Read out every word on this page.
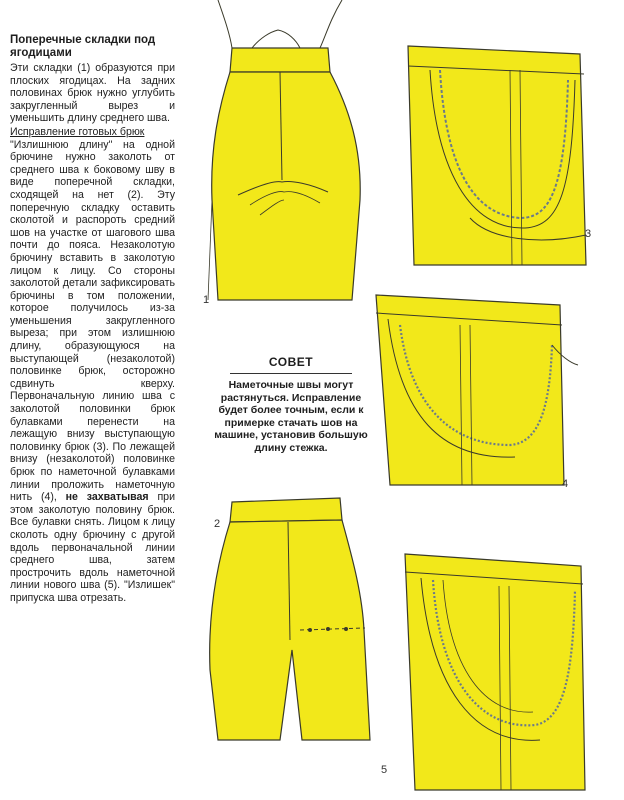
Поперечные складки под ягодицами

Эти складки (1) образуются при плоских ягодицах. На задних половинах брюк нужно углубить закругленный вырез и уменьшить длину среднего шва.

Исправление готовых брюк

"Излишнюю длину" на одной брючине нужно заколоть от среднего шва к боковому шву в виде поперечной складки, сходящей на нет (2). Эту поперечную складку оставить сколотой и распороть средний шов на участке от шагового шва почти до пояса. Незаколотую брючину вставить в заколотую лицом к лицу. Со стороны заколотой детали зафиксировать брючины в том положении, которое получилось из-за уменьшения закругленного выреза; при этом излишнюю длину, образующуюся на выступающей (незаколотой) половинке брюк, осторожно сдвинуть кверху. Первоначальную линию шва с заколотой половинки брюк булавками перенести на лежащую внизу выступающую половинку брюк (3). По лежащей внизу (незаколотой) половинке брюк по наметочной булавками линии проложить наметочную нить (4), не захватывая при этом заколотую половину брюк. Все булавки снять. Лицом к лицу сколоть одну брючину с другой вдоль первоначальной линии среднего шва, затем прострочить вдоль наметочной линии нового шва (5). "Излишек" припуска шва отрезать.

СОВЕТ
Наметочные швы могут растянуться. Исправление будет более точным, если к примерке стачать шов на машине, установив большую длину стежка.
1
3
4
2
5
